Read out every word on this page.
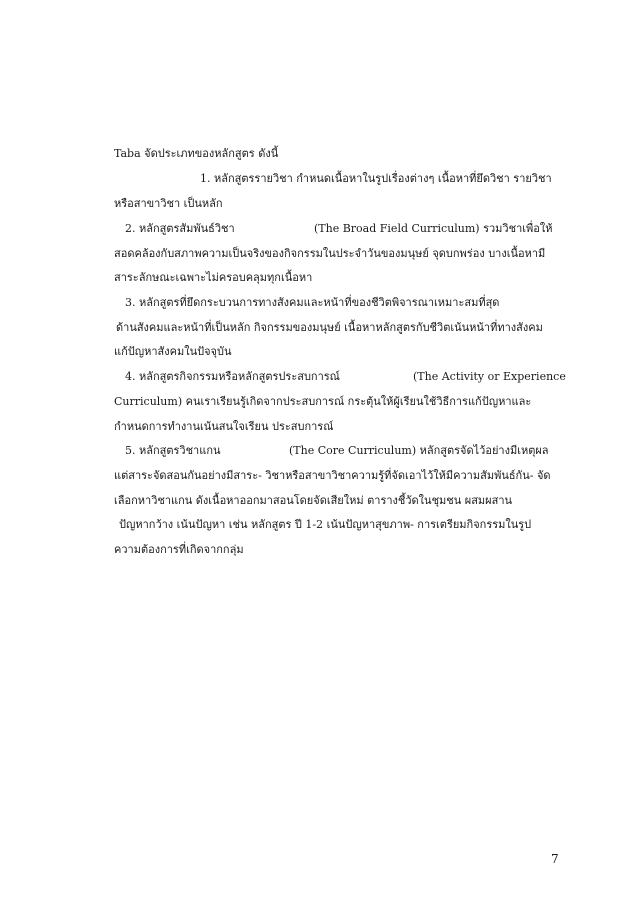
Taba จัดประเภทของหลักสูตร ดังนี้
1. หลักสูตรรายวิชา กำหนดเนื้อหาในรูปเรื่องต่างๆ เนื้อหาที่ยึดวิชา รายวิชา
หรือสาขาวิชา เป็นหลัก
2. หลักสูตรสัมพันธ์วิชา	(The Broad Field Curriculum) รวมวิชาเพื่อให้
สอดคล้องกับสภาพความเป็นจริงของกิจกรรมในประจำวันของมนุษย์ จุดบกพร่อง บางเนื้อหามี
สาระลักษณะเฉพาะไม่ครอบคลุมทุกเนื้อหา
3. หลักสูตรที่ยึดกระบวนการทางสังคมและหน้าที่ของชีวิตพิจารณาเหมาะสมที่สุด
ด้านสังคมและหน้าที่เป็นหลัก กิจกรรมของมนุษย์ เนื้อหาหลักสูตรกับชีวิตเน้นหน้าที่ทางสังคม
แก้ปัญหาสังคมในปัจจุบัน
4. หลักสูตรกิจกรรมหรือหลักสูตรประสบการณ์	(The Activity or Experience
Curriculum) คนเราเรียนรู้เกิดจากประสบการณ์ กระตุ้นให้ผู้เรียนใช้วิธีการแก้ปัญหาและ
กำหนดการทำงานเน้นสนใจเรียน ประสบการณ์
5. หลักสูตรวิชาแกน	(The Core Curriculum) หลักสูตรจัดไว้อย่างมีเหตุผล
แต่สาระจัดสอนกันอย่างมีสาระ- วิชาหรือสาขาวิชาความรู้ที่จัดเอาไว้ให้มีความสัมพันธ์กัน- จัด
เลือกหาวิชาแกน ดังเนื้อหาออกมาสอนโดยจัดเสียใหม่ ตารางชี้วัดในชุมชน ผสมผสาน
ปัญหากว้าง เน้นปัญหา เช่น หลักสูตร ปี 1-2 เน้นปัญหาสุขภาพ- การเตรียมกิจกรรมในรูป
ความต้องการที่เกิดจากกลุ่ม
7
